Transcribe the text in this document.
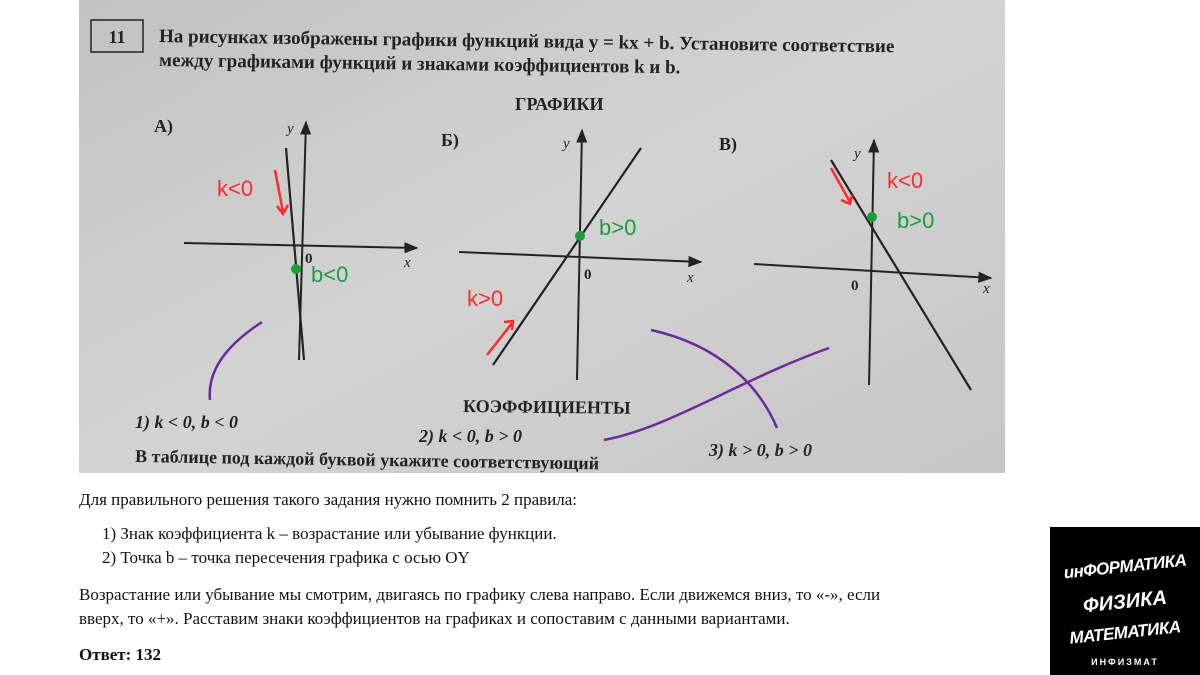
11 На рисунках изображены графики функций вида y = kx + b. Установите соответствие
между графиками функций и знаками коэффициентов k и b.
ГРАФИКИ
А)
x
y
0
k<0
b<0
Б)
x
y
0
b>0
k>0
В)
x
y
0
k<0
b>0
КОЭФФИЦИЕНТЫ
1) k < 0, b < 0
2) k < 0, b > 0
3) k > 0, b > 0
В таблице под каждой буквой укажите соответствующий
Для правильного решения такого задания нужно помнить 2 правила:
1) Знак коэффициента k – возрастание или убывание функции.
2) Точка b – точка пересечения графика с осью OY
Возрастание или убывание мы смотрим, двигаясь по графику слева направо. Если движемся вниз, то «-», если
вверх, то «+». Расставим знаки коэффициентов на графиках и сопоставим с данными вариантами.
Ответ: 132
инФОРМАТИКА
ФИЗИКА
МАТЕМАТИКА
ИНФИЗМАТ
